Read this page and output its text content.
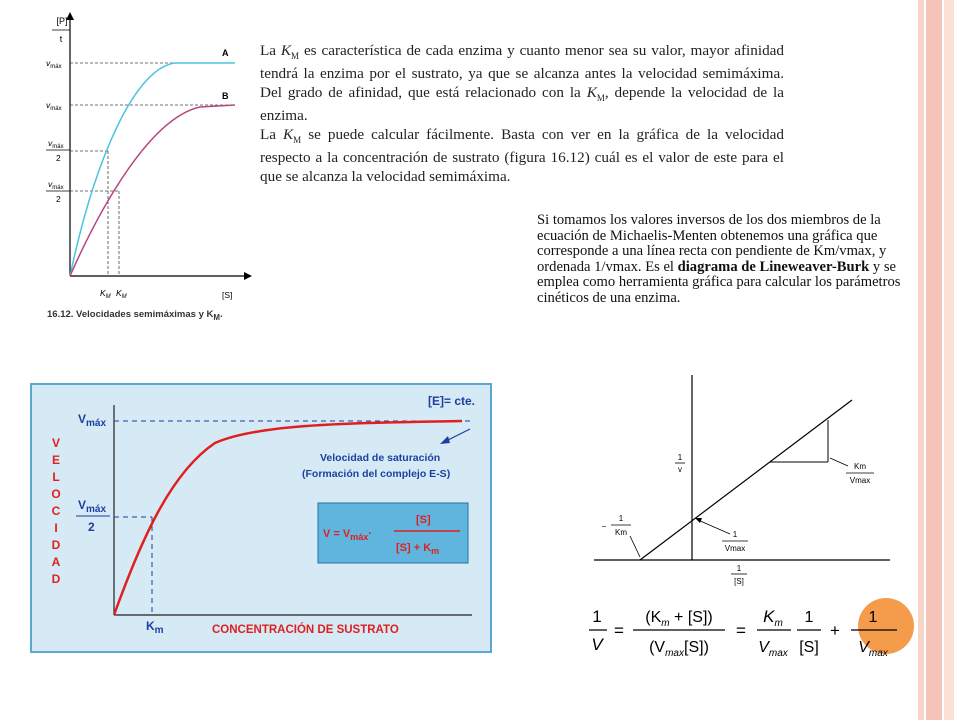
[P]
t
A
B
$v_{máx}$
$v_{máx}$
$v_{máx}$
2
$v_{máx}$
2
$K_M$ $K_M$	[S]
16.12. Velocidades semimáximas y $K_M$.

La $K_M$ es característica de cada enzima y cuanto menor sea su valor, mayor afinidad tendrá la enzima por el sustrato, ya que se alcanza antes la velocidad semimáxima. Del grado de afinidad, que está relacionado con la $K_M$, depende la velocidad de la enzima.

La $K_M$ se puede calcular fácilmente. Basta con ver en la gráfica de la velocidad respecto a la concentración de sustrato (figura 16.12) cuál es el valor de este para el que se alcanza la velocidad semimáxima.

Si tomamos los valores inversos de los dos miembros de la ecuación de Michaelis-Menten obtenemos una gráfica que corresponde a una línea recta con pendiente de Km/vmax, y ordenada 1/vmax. Es el diagrama de Lineweaver-Burk y se emplea como herramienta gráfica para calcular los parámetros cinéticos de una enzima.

[E]= cte.
$V_{máx}$
$V_{máx}$
2
V
E
L
O
C
I
D
A
D
Velocidad de saturación
(Formación del complejo E-S)
$V = V_{máx}\cdot$
[S]
$[S] + K_m$
$K_m$	CONCENTRACIÓN DE SUSTRATO
1
v
−
1
Km	1
Vmax
Km
Vmax
1
[S]
1
V
=
$(K_m + [S])$
$(V_{max}[S])$
=
$K_m$
$V_{max}$
1
[S]
+
1
$V_{max}$
